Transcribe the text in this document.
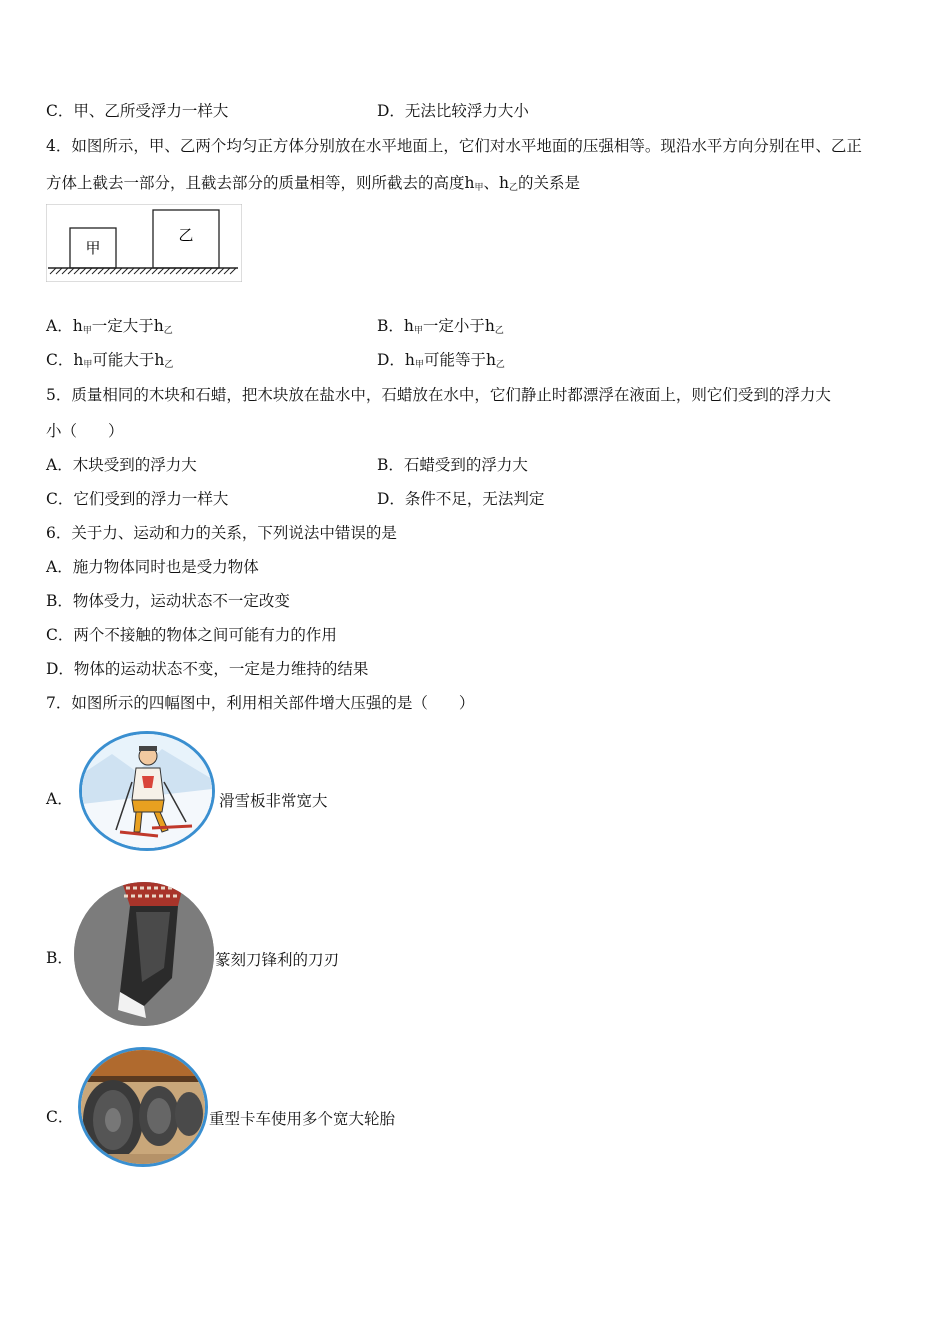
C．甲、乙所受浮力一样大	D．无法比较浮力大小
4．如图所示，甲、乙两个均匀正方体分别放在水平地面上，它们对水平地面的压强相等。现沿水平方向分别在甲、乙正
方体上截去一部分，且截去部分的质量相等，则所截去的高度$h_甲$、$h_乙$的关系是
甲
乙
A．$h_甲$一定大于$h_乙$	B．$h_甲$一定小于$h_乙$
C．$h_甲$可能大于$h_乙$	D．$h_甲$可能等于$h_乙$
5．质量相同的木块和石蜡，把木块放在盐水中，石蜡放在水中，它们静止时都漂浮在液面上，则它们受到的浮力大
小（　　）
A．木块受到的浮力大	B．石蜡受到的浮力大
C．它们受到的浮力一样大	D．条件不足，无法判定
6．关于力、运动和力的关系，下列说法中错误的是
A．施力物体同时也是受力物体
B．物体受力，运动状态不一定改变
C．两个不接触的物体之间可能有力的作用
D．物体的运动状态不变，一定是力维持的结果
7．如图所示的四幅图中，利用相关部件增大压强的是（　　）
A．	滑雪板非常宽大
B．	篆刻刀锋利的刀刃
C．	重型卡车使用多个宽大轮胎
